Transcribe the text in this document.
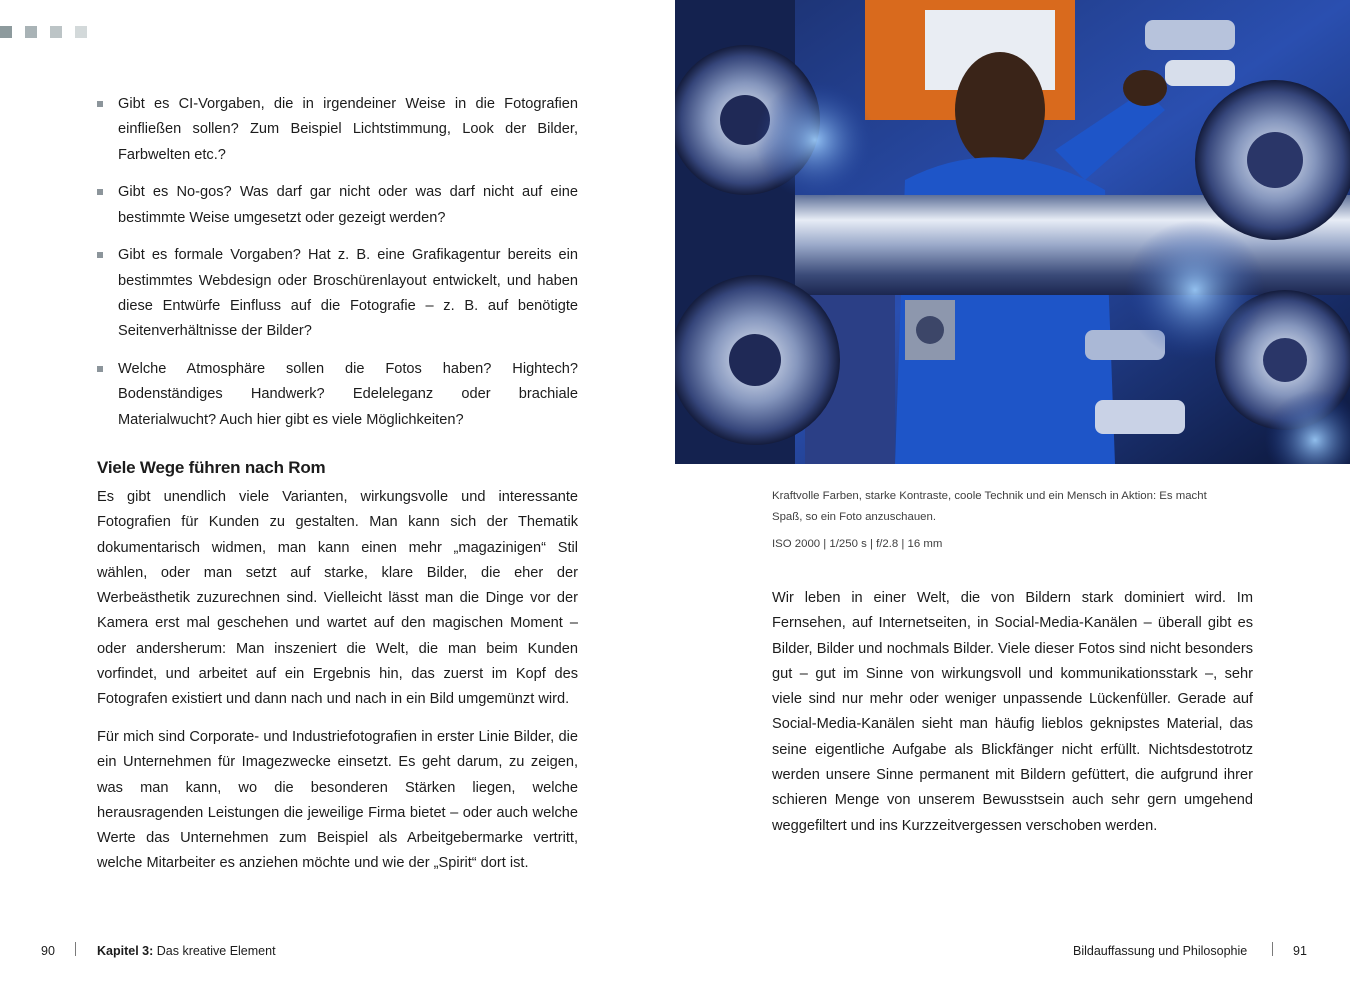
Gibt es CI-Vorgaben, die in irgendeiner Weise in die Fotografien einfließen sollen? Zum Beispiel Lichtstimmung, Look der Bilder, Farbwelten etc.?
Gibt es No-gos? Was darf gar nicht oder was darf nicht auf eine bestimmte Weise umgesetzt oder gezeigt werden?
Gibt es formale Vorgaben? Hat z. B. eine Grafikagentur bereits ein bestimmtes Webdesign oder Broschürenlayout entwickelt, und haben diese Entwürfe Einfluss auf die Fotografie – z. B. auf benötigte Seitenverhältnisse der Bilder?
Welche Atmosphäre sollen die Fotos haben? Hightech? Bodenständiges Handwerk? Edeleleganz oder brachiale Materialwucht? Auch hier gibt es viele Möglichkeiten?
Viele Wege führen nach Rom

Es gibt unendlich viele Varianten, wirkungsvolle und interessante Fotografien für Kunden zu gestalten. Man kann sich der Thematik dokumentarisch widmen, man kann einen mehr „magazinigen“ Stil wählen, oder man setzt auf starke, klare Bilder, die eher der Werbeästhetik zuzurechnen sind. Vielleicht lässt man die Dinge vor der Kamera erst mal geschehen und wartet auf den magischen Moment – oder andersherum: Man inszeniert die Welt, die man beim Kunden vorfindet, und arbeitet auf ein Ergebnis hin, das zuerst im Kopf des Fotografen existiert und dann nach und nach in ein Bild umgemünzt wird.

Für mich sind Corporate- und Industriefotografien in erster Linie Bilder, die ein Unternehmen für Imagezwecke einsetzt. Es geht darum, zu zeigen, was man kann, wo die besonderen Stärken liegen, welche herausragenden Leistungen die jeweilige Firma bietet – oder auch welche Werte das Unternehmen zum Beispiel als Arbeitgebermarke vertritt, welche Mitarbeiter es anziehen möchte und wie der „Spirit“ dort ist.

90	Kapitel 3: Das kreative Element

Kraftvolle Farben, starke Kontraste, coole Technik und ein Mensch in Aktion: Es macht Spaß, so ein Foto anzuschauen.

ISO 2000 | 1/250 s | f/2.8 | 16 mm

Wir leben in einer Welt, die von Bildern stark dominiert wird. Im Fernsehen, auf Internetseiten, in Social-Media-Kanälen – überall gibt es Bilder, Bilder und nochmals Bilder. Viele dieser Fotos sind nicht besonders gut – gut im Sinne von wirkungsvoll und kommunikationsstark –, sehr viele sind nur mehr oder weniger unpassende Lückenfüller. Gerade auf Social-Media-Kanälen sieht man häufig lieblos geknipstes Material, das seine eigentliche Aufgabe als Blickfänger nicht erfüllt. Nichtsdestotrotz werden unsere Sinne permanent mit Bildern gefüttert, die aufgrund ihrer schieren Menge von unserem Bewusstsein auch sehr gern umgehend weggefiltert und ins Kurzzeitvergessen verschoben werden.

Bildauffassung und Philosophie	91
